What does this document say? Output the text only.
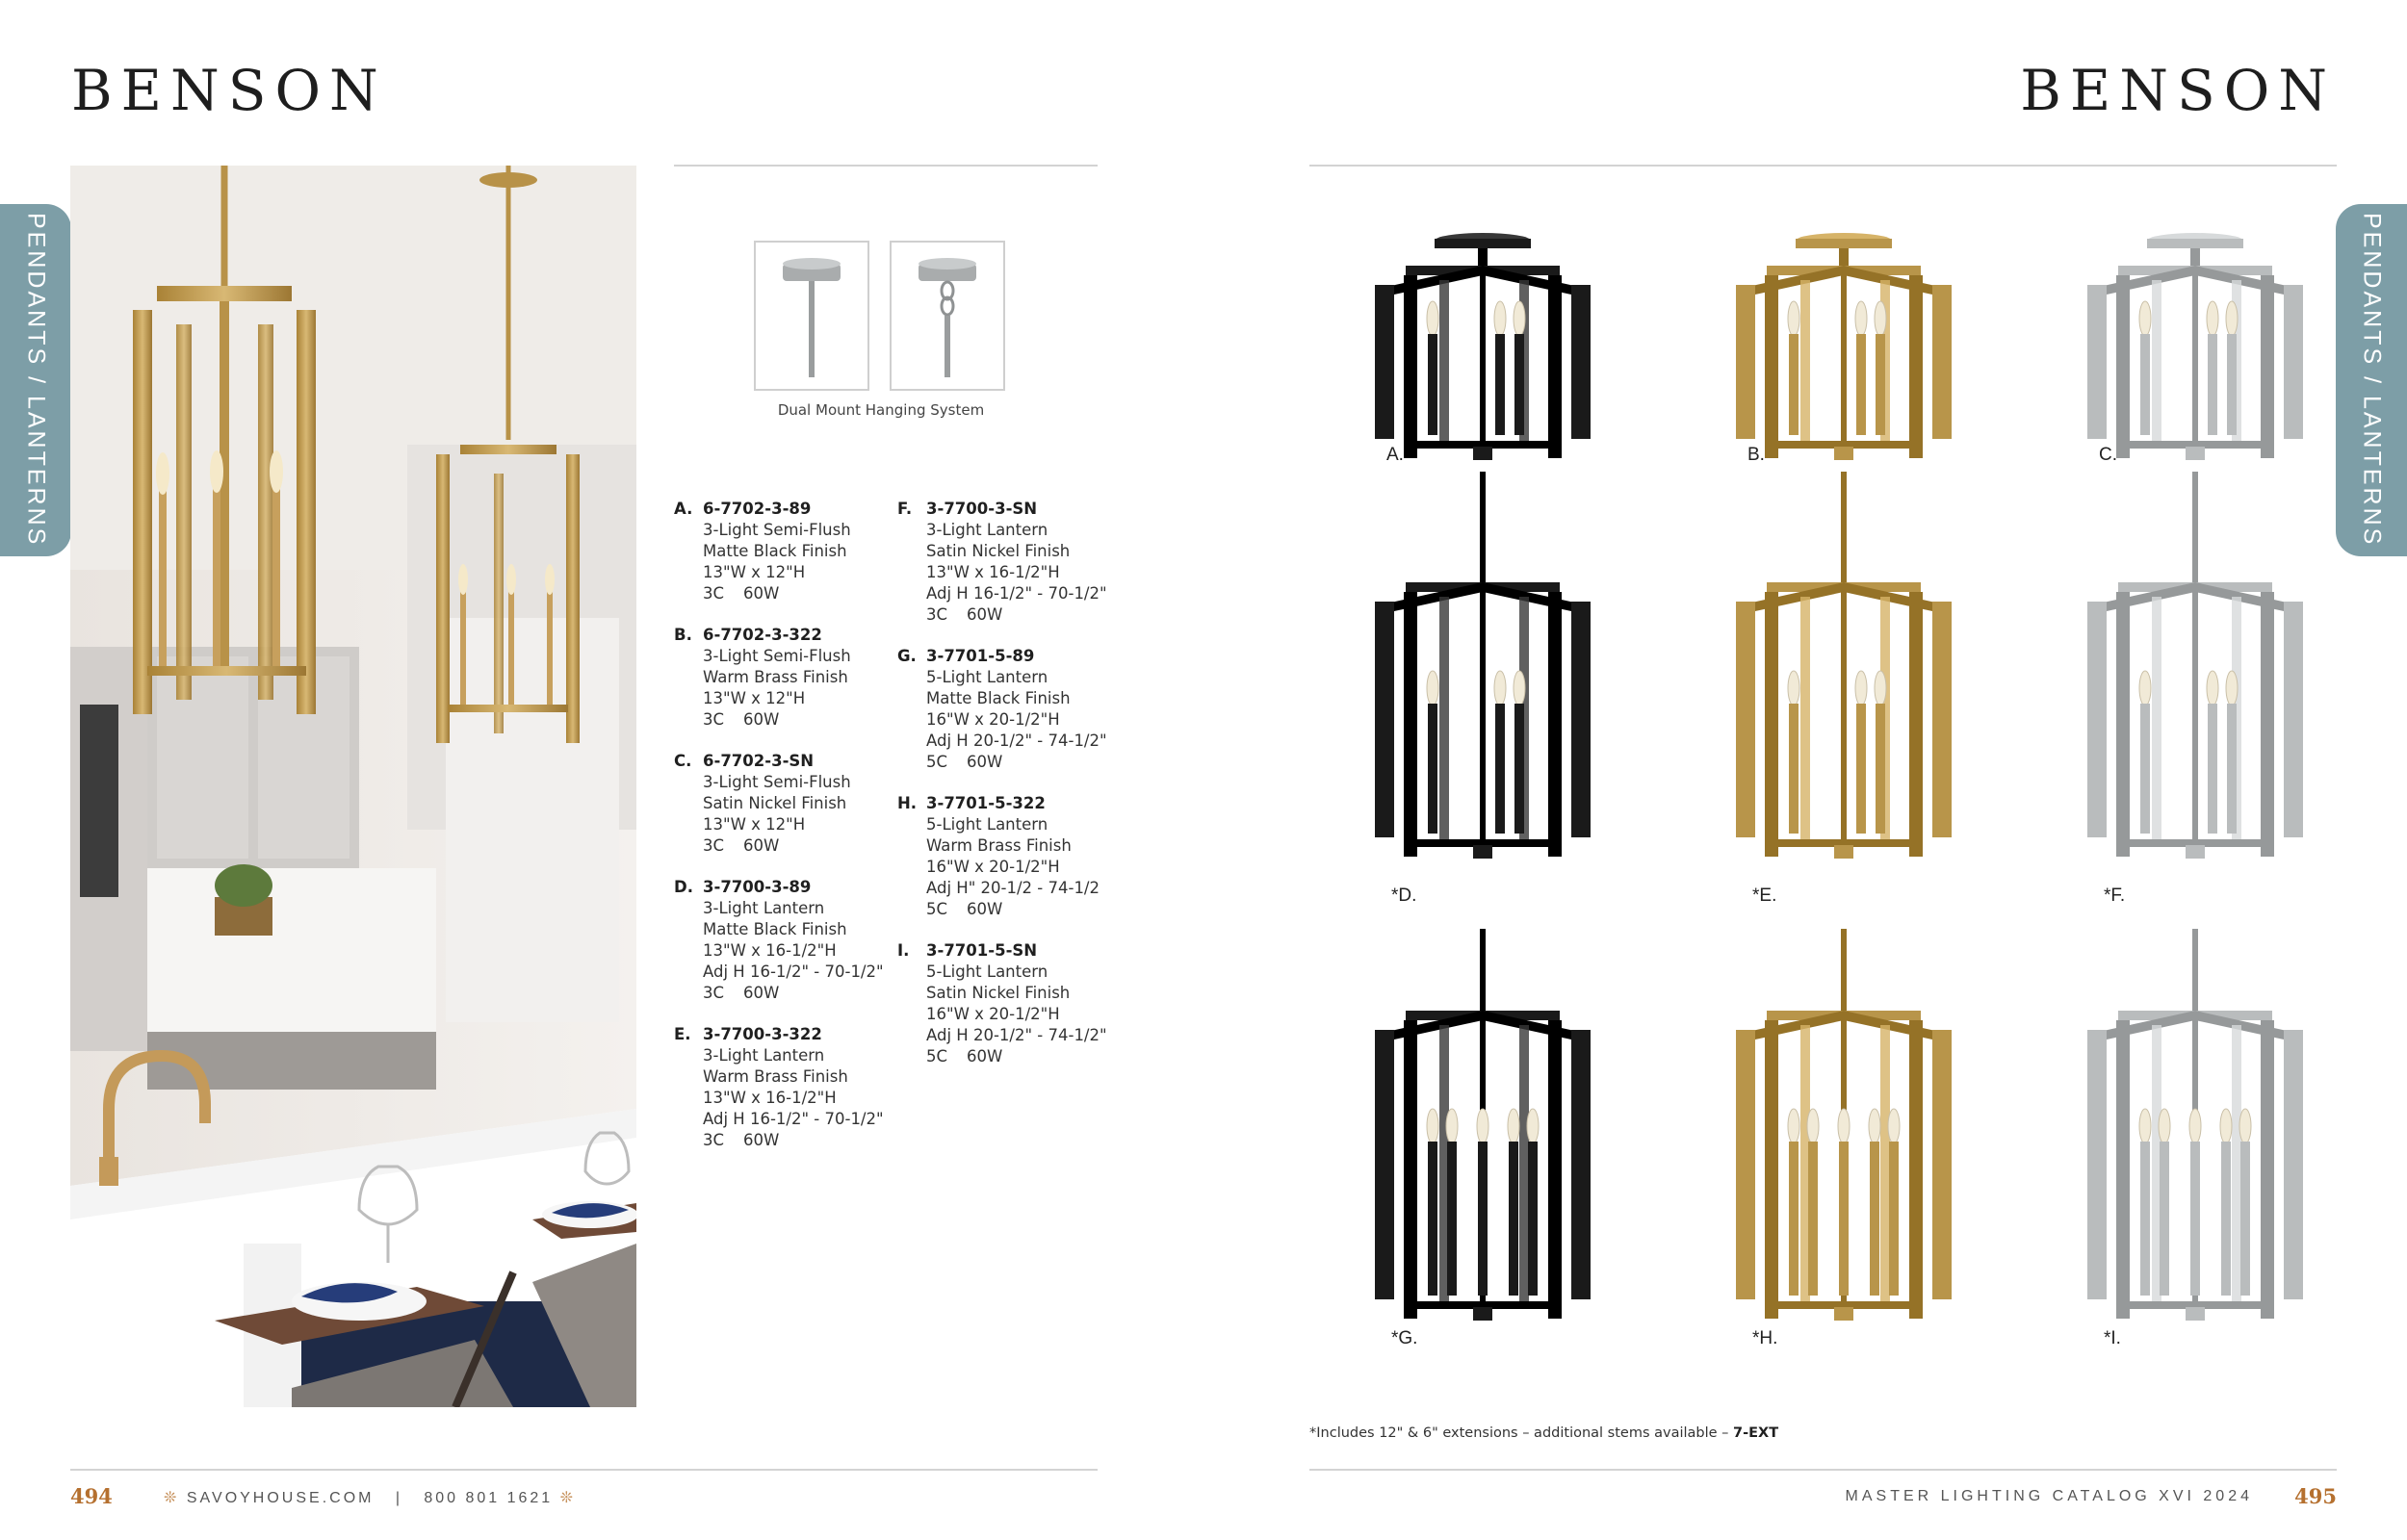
BENSON	BENSON
PENDANTS / LANTERNS	PENDANTS / LANTERNS
Dual Mount Hanging System
A. 6-7702-3-89
3-Light Semi-Flush
Matte Black Finish
13"W x 12"H
3C 60W
B. 6-7702-3-322
3-Light Semi-Flush
Warm Brass Finish
13"W x 12"H
3C 60W
C. 6-7702-3-SN
3-Light Semi-Flush
Satin Nickel Finish
13"W x 12"H
3C 60W
D. 3-7700-3-89
3-Light Lantern
Matte Black Finish
13"W x 16-1/2"H
Adj H 16-1/2" - 70-1/2"
3C 60W
E. 3-7700-3-322
3-Light Lantern
Warm Brass Finish
13"W x 16-1/2"H
Adj H 16-1/2" - 70-1/2"
3C 60W
F. 3-7700-3-SN
3-Light Lantern
Satin Nickel Finish
13"W x 16-1/2"H
Adj H 16-1/2" - 70-1/2"
3C 60W
G. 3-7701-5-89
5-Light Lantern
Matte Black Finish
16"W x 20-1/2"H
Adj H 20-1/2" - 74-1/2"
5C 60W
H. 3-7701-5-322
5-Light Lantern
Warm Brass Finish
16"W x 20-1/2"H
Adj H" 20-1/2 - 74-1/2
5C 60W
I. 3-7701-5-SN
5-Light Lantern
Satin Nickel Finish
16"W x 20-1/2"H
Adj H 20-1/2" - 74-1/2"
5C 60W
A.	B.	C.
*D.	*E.	*F.
*G.	*H.	*I.
*Includes 12" & 6" extensions – additional stems available – 7-EXT
494	❊ SAVOYHOUSE.COM | 800 801 1621 ❊	MASTER LIGHTING CATALOG XVI 2024 495
